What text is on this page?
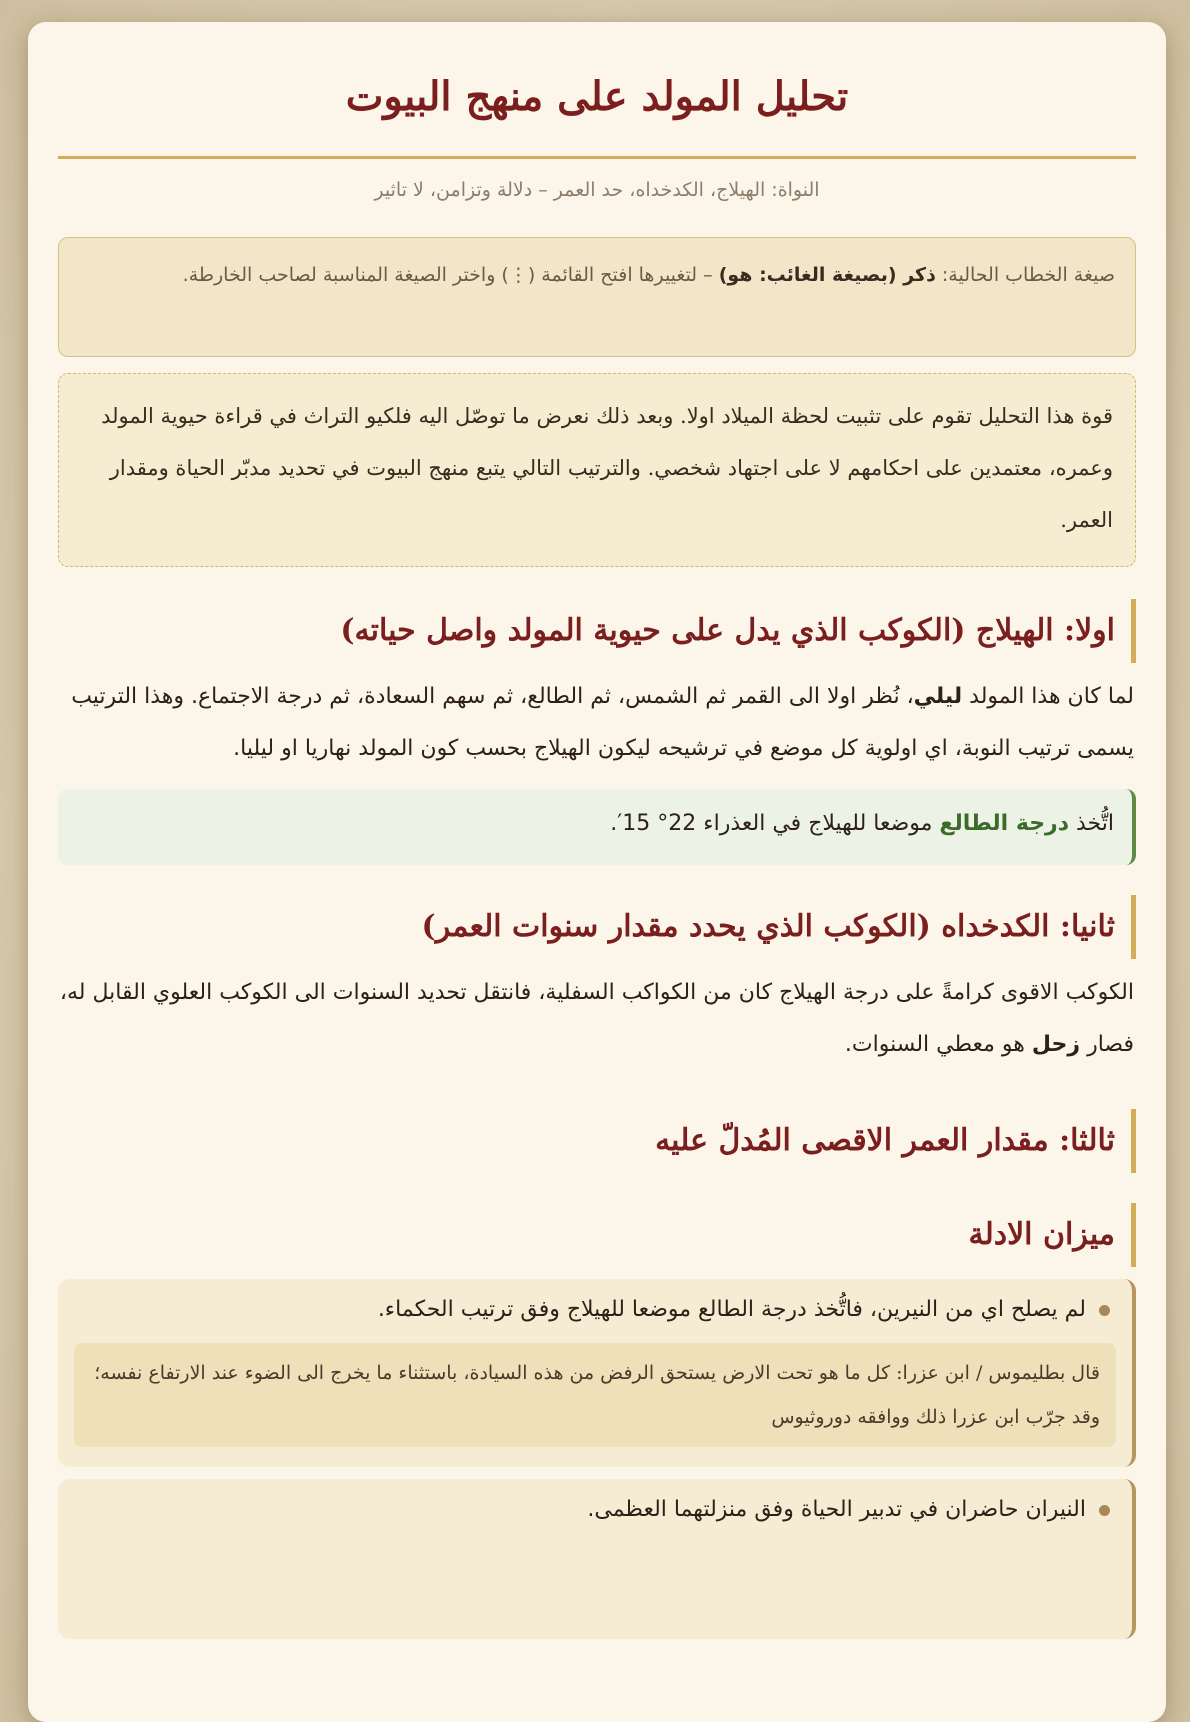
تحليل المولد على منهج البيوت
النواة: الهيلاج، الكدخداه، حد العمر – دلالة وتزامن، لا تاثير
صيغة الخطاب الحالية: ذكر (بصيغة الغائب: هو) – لتغييرها افتح القائمة (⋮) واختر الصيغة المناسبة لصاحب الخارطة.
قوة هذا التحليل تقوم على تثبيت لحظة الميلاد اولا. وبعد ذلك نعرض ما توصّل اليه فلكيو التراث في قراءة حيوية المولد وعمره، معتمدين على احكامهم لا على اجتهاد شخصي. والترتيب التالي يتبع منهج البيوت في تحديد مدبّر الحياة ومقدار العمر.
اولا: الهيلاج (الكوكب الذي يدل على حيوية المولد واصل حياته)

لما كان هذا المولد ليلي، نُظر اولا الى القمر ثم الشمس، ثم الطالع، ثم سهم السعادة، ثم درجة الاجتماع. وهذا الترتيب يسمى ترتيب النوبة، اي اولوية كل موضع في ترشيحه ليكون الهيلاج بحسب كون المولد نهاريا او ليليا.

اتُّخذ درجة الطالع موضعا للهيلاج في العذراء 22° 15′.
ثانيا: الكدخداه (الكوكب الذي يحدد مقدار سنوات العمر)

الكوكب الاقوى كرامةً على درجة الهيلاج كان من الكواكب السفلية، فانتقل تحديد السنوات الى الكوكب العلوي القابل له، فصار زحل هو معطي السنوات.

ثالثا: مقدار العمر الاقصى المُدلّ عليه
ميزان الادلة
لم يصلح اي من النيرين، فاتُّخذ درجة الطالع موضعا للهيلاج وفق ترتيب الحكماء.
قال بطليموس / ابن عزرا: كل ما هو تحت الارض يستحق الرفض من هذه السيادة، باستثناء ما يخرج الى الضوء عند الارتفاع نفسه؛ وقد جرّب ابن عزرا ذلك ووافقه دوروثيوس
النيران حاضران في تدبير الحياة وفق منزلتهما العظمى.
